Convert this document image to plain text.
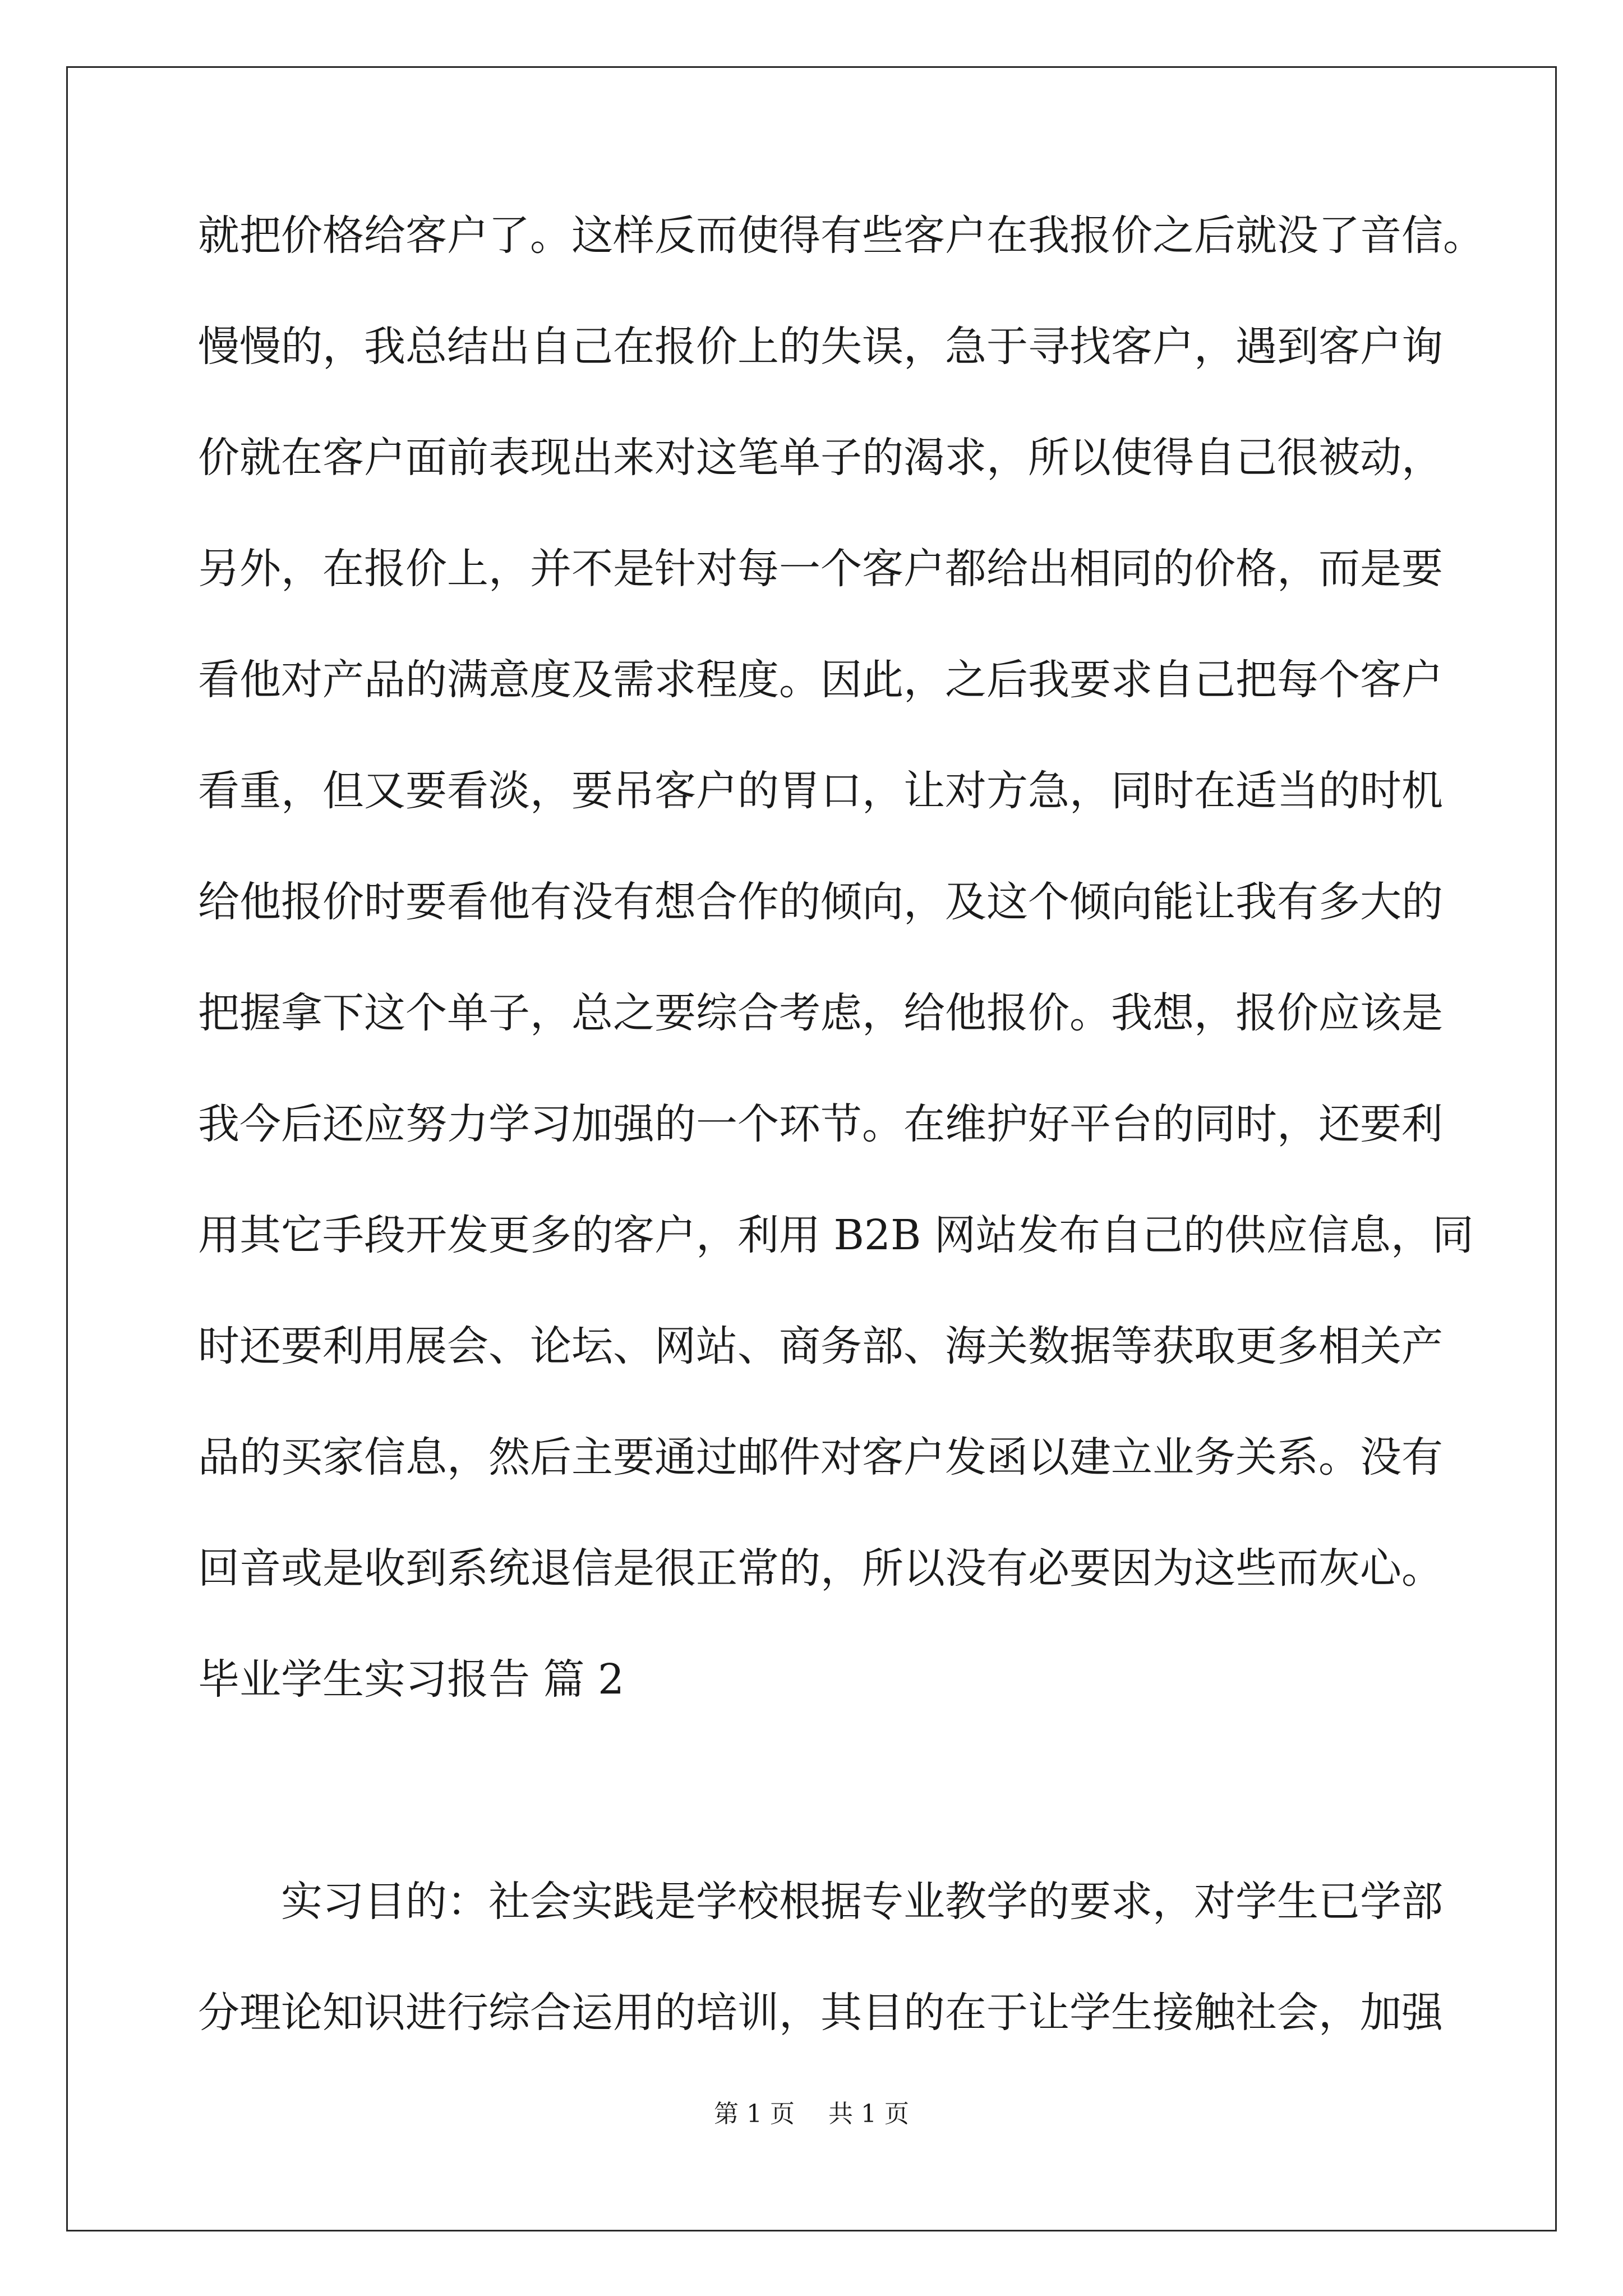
就把价格给客户了。这样反而使得有些客户在我报价之后就没了音信。
慢慢的，我总结出自己在报价上的失误，急于寻找客户，遇到客户询
价就在客户面前表现出来对这笔单子的渴求，所以使得自己很被动，
另外，在报价上，并不是针对每一个客户都给出相同的价格，而是要
看他对产品的满意度及需求程度。因此，之后我要求自己把每个客户
看重，但又要看淡，要吊客户的胃口，让对方急，同时在适当的时机
给他报价时要看他有没有想合作的倾向，及这个倾向能让我有多大的
把握拿下这个单子，总之要综合考虑，给他报价。我想，报价应该是
我今后还应努力学习加强的一个环节。在维护好平台的同时，还要利
用其它手段开发更多的客户，利用 B2B 网站发布自己的供应信息，同
时还要利用展会、论坛、网站、商务部、海关数据等获取更多相关产
品的买家信息，然后主要通过邮件对客户发函以建立业务关系。没有
回音或是收到系统退信是很正常的，所以没有必要因为这些而灰心。
毕业学生实习报告 篇 2
实习目的：社会实践是学校根据专业教学的要求，对学生已学部
分理论知识进行综合运用的培训，其目的在于让学生接触社会，加强
第 1 页 共 1 页
